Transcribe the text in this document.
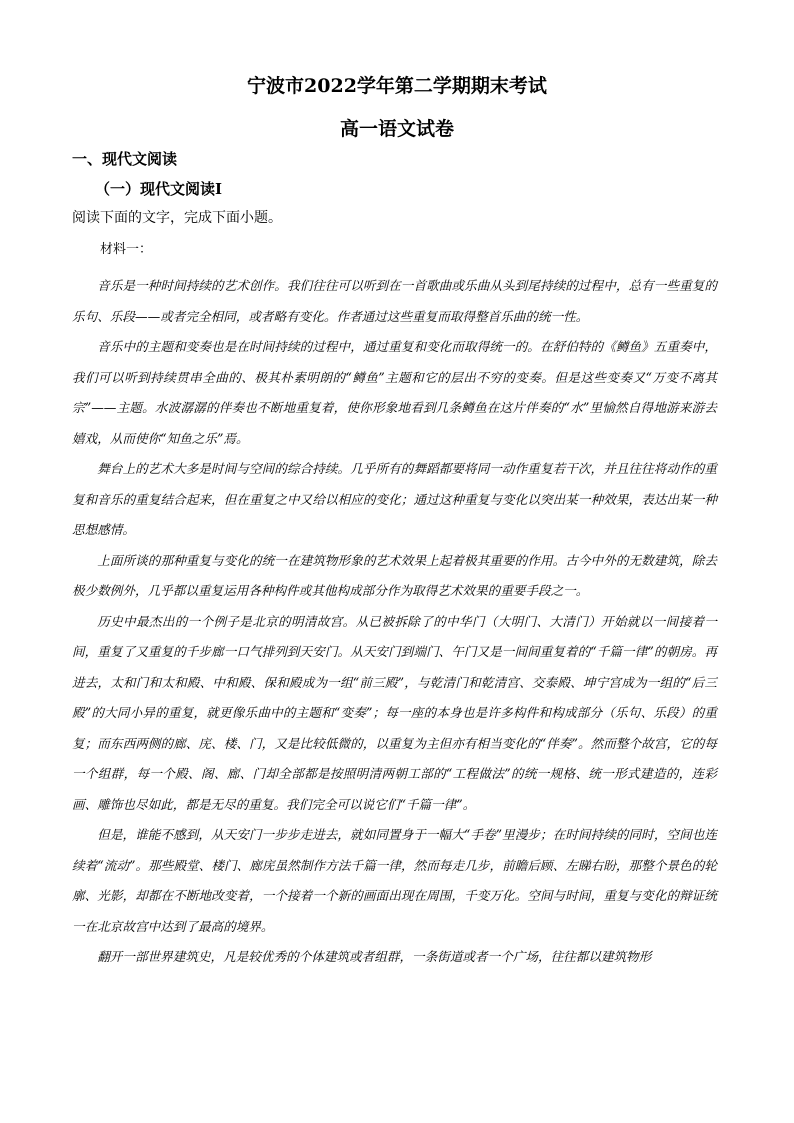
宁波市2022学年第二学期期末考试
高一语文试卷
一、现代文阅读
（一）现代文阅读Ⅰ

阅读下面的文字，完成下面小题。

材料一：

音乐是一种时间持续的艺术创作。我们往往可以听到在一首歌曲或乐曲从头到尾持续的过程中，总有一些重复的乐句、乐段——或者完全相同，或者略有变化。作者通过这些重复而取得整首乐曲的统一性。

音乐中的主题和变奏也是在时间持续的过程中，通过重复和变化而取得统一的。在舒伯特的《鳟鱼》五重奏中，我们可以听到持续贯串全曲的、极其朴素明朗的“鳟鱼”主题和它的层出不穷的变奏。但是这些变奏又“万变不离其宗”——主题。水波潺潺的伴奏也不断地重复着，使你形象地看到几条鳟鱼在这片伴奏的“水”里愉然自得地游来游去嬉戏，从而使你“知鱼之乐”焉。

舞台上的艺术大多是时间与空间的综合持续。几乎所有的舞蹈都要将同一动作重复若干次，并且往往将动作的重复和音乐的重复结合起来，但在重复之中又给以相应的变化；通过这种重复与变化以突出某一种效果，表达出某一种思想感情。

上面所谈的那种重复与变化的统一在建筑物形象的艺术效果上起着极其重要的作用。古今中外的无数建筑，除去极少数例外，几乎都以重复运用各种构件或其他构成部分作为取得艺术效果的重要手段之一。

历史中最杰出的一个例子是北京的明清故宫。从已被拆除了的中华门（大明门、大清门）开始就以一间接着一间，重复了又重复的千步廊一口气排列到天安门。从天安门到端门、午门又是一间间重复着的“千篇一律”的朝房。再进去，太和门和太和殿、中和殿、保和殿成为一组“前三殿”，与乾清门和乾清宫、交泰殿、坤宁宫成为一组的“后三殿”的大同小异的重复，就更像乐曲中的主题和“变奏”；每一座的本身也是许多构件和构成部分（乐句、乐段）的重复；而东西两侧的廊、庑、楼、门，又是比较低微的，以重复为主但亦有相当变化的“伴奏”。然而整个故宫，它的每一个组群，每一个殿、阁、廊、门却全部都是按照明清两朝工部的“工程做法”的统一规格、统一形式建造的，连彩画、雕饰也尽如此，都是无尽的重复。我们完全可以说它们“千篇一律”。

但是，谁能不感到，从天安门一步步走进去，就如同置身于一幅大“手卷”里漫步；在时间持续的同时，空间也连续着“流动”。那些殿堂、楼门、廊庑虽然制作方法千篇一律，然而每走几步，前瞻后顾、左睇右盼，那整个景色的轮廓、光影，却都在不断地改变着，一个接着一个新的画面出现在周围，千变万化。空间与时间，重复与变化的辩证统一在北京故宫中达到了最高的境界。

翻开一部世界建筑史，凡是较优秀的个体建筑或者组群，一条街道或者一个广场，往往都以建筑物形
